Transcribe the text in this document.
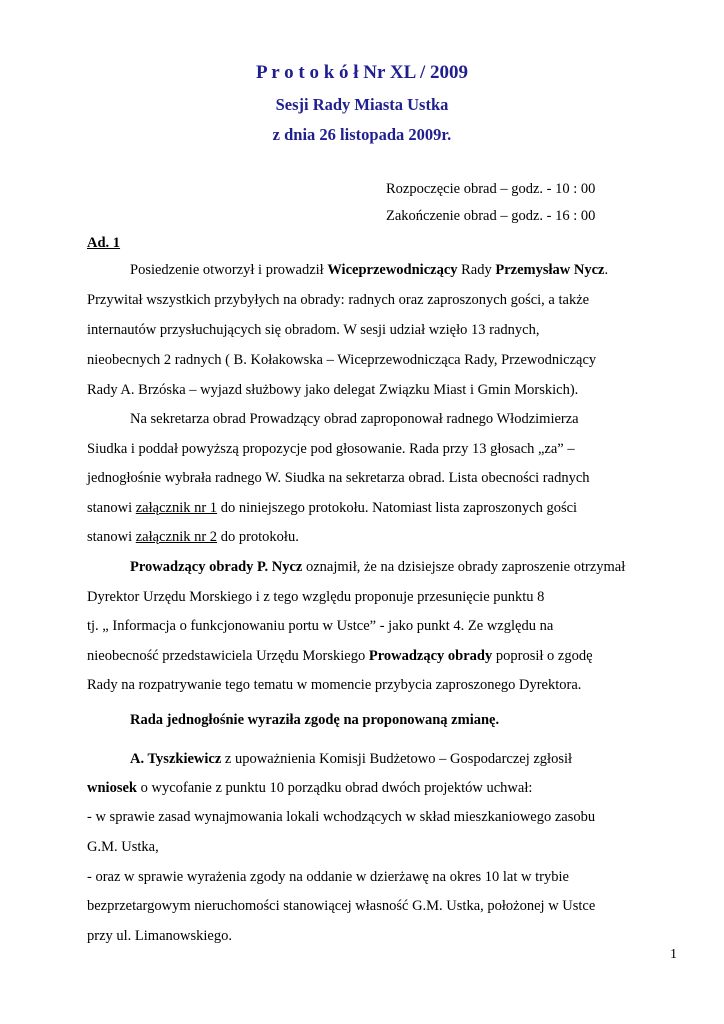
P r o t o k ó ł Nr XL / 2009
Sesji Rady Miasta Ustka
z dnia 26 listopada 2009r.
Rozpoczęcie obrad – godz. - 10 : 00
Zakończenie obrad – godz. - 16 : 00
Ad. 1
Posiedzenie otworzył i prowadził Wiceprzewodniczący Rady Przemysław Nycz.
Przywitał wszystkich przybyłych na obrady: radnych oraz zaproszonych gości, a także
internautów przysłuchujących się obradom. W sesji udział wzięło 13 radnych,
nieobecnych 2 radnych ( B. Kołakowska – Wiceprzewodnicząca Rady, Przewodniczący
Rady A. Brzóska – wyjazd służbowy jako delegat Związku Miast i Gmin Morskich).
Na sekretarza obrad Prowadzący obrad zaproponował radnego Włodzimierza
Siudka i poddał powyższą propozycje pod głosowanie. Rada przy 13 głosach „za” –
jednogłośnie wybrała radnego W. Siudka na sekretarza obrad. Lista obecności radnych
stanowi załącznik nr 1 do niniejszego protokołu. Natomiast lista zaproszonych gości
stanowi załącznik nr 2 do protokołu.
Prowadzący obrady P. Nycz oznajmił, że na dzisiejsze obrady zaproszenie otrzymał
Dyrektor Urzędu Morskiego i z tego względu proponuje przesunięcie punktu 8
tj. „ Informacja o funkcjonowaniu portu w Ustce” - jako punkt 4. Ze względu na
nieobecność przedstawiciela Urzędu Morskiego Prowadzący obrady poprosił o zgodę
Rady na rozpatrywanie tego tematu w momencie przybycia zaproszonego Dyrektora.
Rada jednogłośnie wyraziła zgodę na proponowaną zmianę.
A. Tyszkiewicz z upoważnienia Komisji Budżetowo – Gospodarczej zgłosił
wniosek o wycofanie z punktu 10 porządku obrad dwóch projektów uchwał:
- w sprawie zasad wynajmowania lokali wchodzących w skład mieszkaniowego zasobu
G.M. Ustka,
- oraz w sprawie wyrażenia zgody na oddanie w dzierżawę na okres 10 lat w trybie
bezprzetargowym nieruchomości stanowiącej własność G.M. Ustka, położonej w Ustce
przy ul. Limanowskiego.
1
